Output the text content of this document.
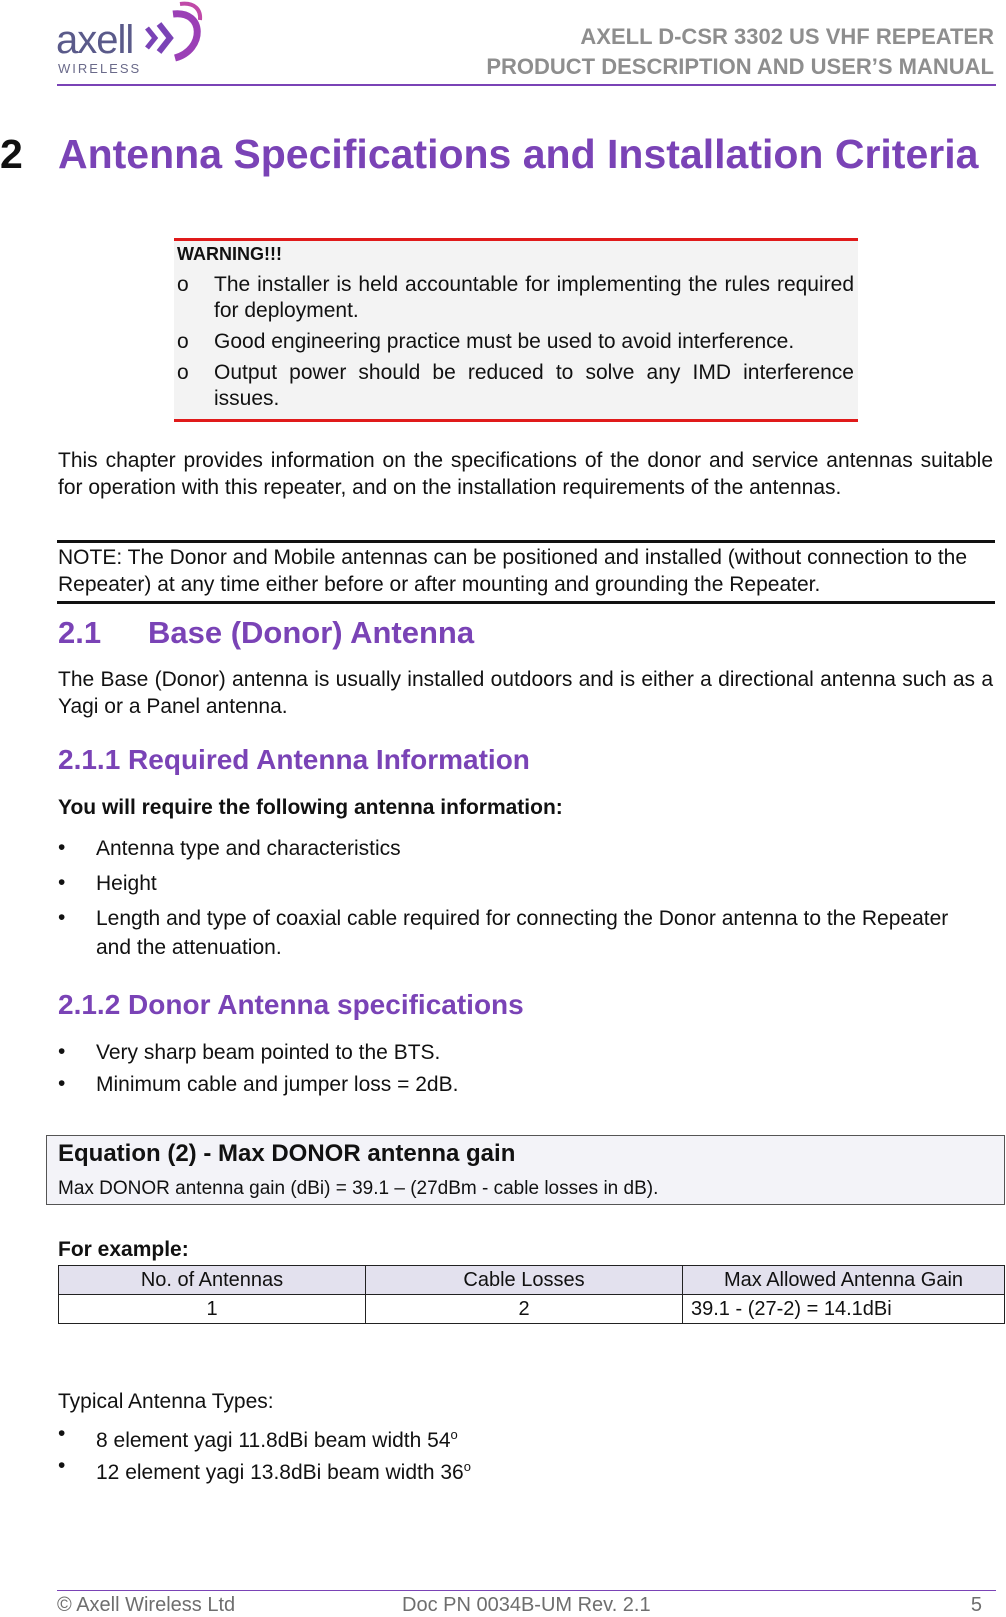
axell
WIRELESS
AXELL D-CSR 3302 US VHF REPEATER
PRODUCT DESCRIPTION AND USER’S MANUAL
2 Antenna Specifications and Installation Criteria
WARNING!!!
o The installer is held accountable for implementing the rules required for deployment.
o Good engineering practice must be used to avoid interference.
o Output power should be reduced to solve any IMD interference issues.
This chapter provides information on the specifications of the donor and service antennas suitable for operation with this repeater, and on the installation requirements of the antennas.
NOTE: The Donor and Mobile antennas can be positioned and installed (without connection to the Repeater) at any time either before or after mounting and grounding the Repeater.
2.1 Base (Donor) Antenna
The Base (Donor) antenna is usually installed outdoors and is either a directional antenna such as a Yagi or a Panel antenna.
2.1.1 Required Antenna Information
You will require the following antenna information:
• Antenna type and characteristics
• Height
• Length and type of coaxial cable required for connecting the Donor antenna to the Repeater and the attenuation.
2.1.2 Donor Antenna specifications
• Very sharp beam pointed to the BTS.
• Minimum cable and jumper loss = 2dB.
Equation (2) - Max DONOR antenna gain
Max DONOR antenna gain (dBi) = 39.1 – (27dBm - cable losses in dB).
For example:
No. of Antennas	Cable Losses	Max Allowed Antenna Gain
1	2	39.1 - (27-2) = 14.1dBi
Typical Antenna Types:
• 8 element yagi 11.8dBi beam width 54$^o$
• 12 element yagi 13.8dBi beam width 36$^o$
© Axell Wireless Ltd	Doc PN 0034B-UM Rev. 2.1	5
